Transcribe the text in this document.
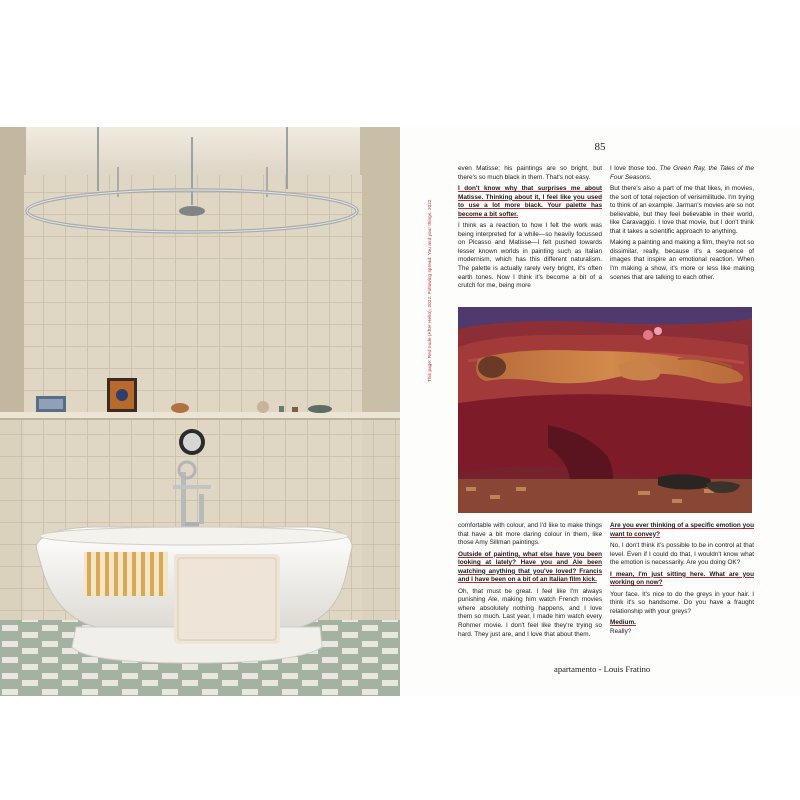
85
This page: Red nude (After Helio), 2022. Following spread: You and your things, 2022

even Matisse; his paintings are so bright, but there's so much black in them. That's not easy.

I don't know why that surprises me about Matisse. Thinking about it, I feel like you used to use a lot more black. Your palette has become a bit softer.

I think as a reaction to how I felt the work was being interpreted for a while—so heavily focussed on Picasso and Matisse—I felt pushed towards lesser known worlds in painting such as Italian modernism, which has this different naturalism. The palette is actually rarely very bright, it's often earth tones. Now I think it's become a bit of a crutch for me, being more

I love those too. The Green Ray, the Tales of the Four Seasons.

But there's also a part of me that likes, in movies, the sort of total rejection of verisimilitude. I'm trying to think of an example. Jarman's movies are so not believable, but they feel believable in their world, like Caravaggio. I love that movie, but I don't think that it takes a scientific approach to anything.

Making a painting and making a film, they're not so dissimilar, really, because it's a sequence of images that inspire an emotional reaction. When I'm making a show, it's more or less like making scenes that are talking to each other.

comfortable with colour, and I'd like to make things that have a bit more daring colour in them, like those Amy Sillman paintings.

Outside of painting, what else have you been looking at lately? Have you and Ale been watching anything that you've loved? Francis and I have been on a bit of an Italian film kick.

Oh, that must be great. I feel like I'm always punishing Ale, making him watch French movies where absolutely nothing happens, and I love them so much. Last year, I made him watch every Rohmer movie. I don't feel like they're trying so hard. They just are, and I love that about them.

Are you ever thinking of a specific emotion you want to convey?

No, I don't think it's possible to be in control at that level. Even if I could do that, I wouldn't know what the emotion is necessarily. Are you doing OK?

I mean, I'm just sitting here. What are you working on now?

Your face. It's nice to do the greys in your hair. I think it's so handsome. Do you have a fraught relationship with your greys?

Medium.

Really?

apartamento - Louis Fratino
